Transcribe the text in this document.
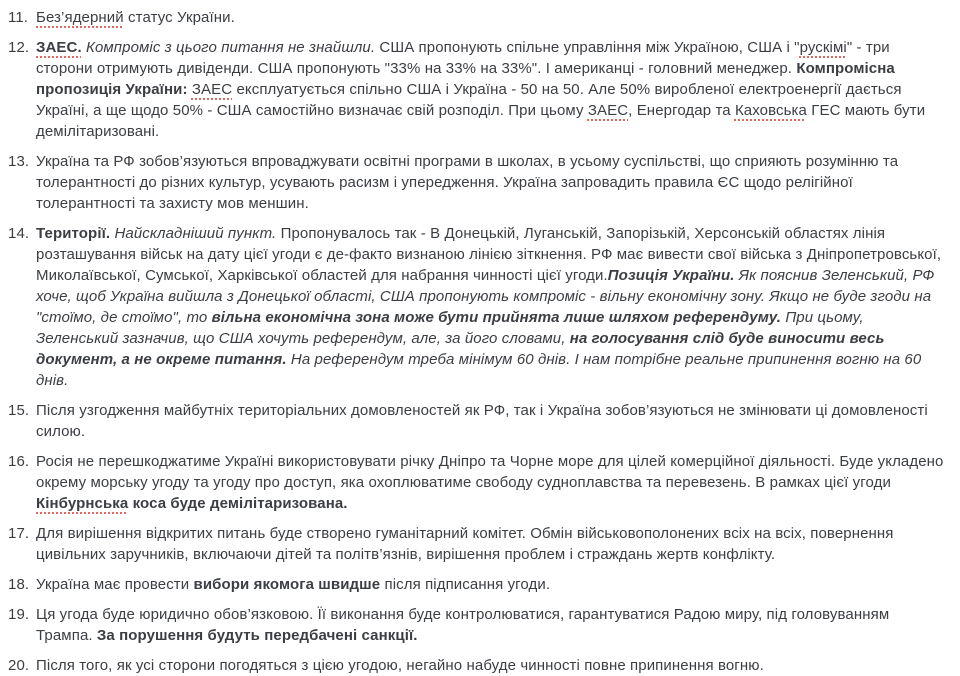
11. Без’ядерний статус України.
12. ЗАЕС. Компроміс з цього питання не знайшли. США пропонують спільне управління між Україною, США і "рускімі" - три сторони отримують дивіденди. США пропонують "33% на 33% на 33%". І американці - головний менеджер. Компромісна пропозиція України: ЗАЕС експлуатується спільно США і Україна - 50 на 50. Але 50% виробленої електроенергії дається Україні, а ще щодо 50% - США самостійно визначає свій розподіл. При цьому ЗАЕС, Енергодар та Каховська ГЕС мають бути демілітаризовані.
13. Україна та РФ зобов’язуються впроваджувати освітні програми в школах, в усьому суспільстві, що сприяють розумінню та толерантності до різних культур, усувають расизм і упередження. Україна запровадить правила ЄС щодо релігійної толерантності та захисту мов меншин.
14. Території. Найскладніший пункт. Пропонувалось так - В Донецькій, Луганській, Запорізькій, Херсонській областях лінія розташування військ на дату цієї угоди є де-факто визнаною лінією зіткнення. РФ має вивести свої війська з Дніпропетровської, Миколаївської, Сумської, Харківської областей для набрання чинності цієї угоди.Позиція України. Як пояснив Зеленський, РФ хоче, щоб Україна вийшла з Донецької області, США пропонують компроміс - вільну економічну зону. Якщо не буде згоди на "стоїмо, де стоїмо", то вільна економічна зона може бути прийнята лише шляхом референдуму. При цьому, Зеленський зазначив, що США хочуть референдум, але, за його словами, на голосування слід буде виносити весь документ, а не окреме питання. На референдум треба мінімум 60 днів. І нам потрібне реальне припинення вогню на 60 днів.
15. Після узгодження майбутніх територіальних домовленостей як РФ, так і Україна зобов’язуються не змінювати ці домовленості силою.
16. Росія не перешкоджатиме Україні використовувати річку Дніпро та Чорне море для цілей комерційної діяльності. Буде укладено окрему морську угоду та угоду про доступ, яка охоплюватиме свободу судноплавства та перевезень. В рамках цієї угоди Кінбурнська коса буде демілітаризована.
17. Для вирішення відкритих питань буде створено гуманітарний комітет. Обмін військовополонених всіх на всіх, повернення цивільних заручників, включаючи дітей та політв’язнів, вирішення проблем і страждань жертв конфлікту.
18. Україна має провести вибори якомога швидше після підписання угоди.
19. Ця угода буде юридично обов’язковою. Її виконання буде контролюватися, гарантуватися Радою миру, під головуванням Трампа. За порушення будуть передбачені санкції.
20. Після того, як усі сторони погодяться з цією угодою, негайно набуде чинності повне припинення вогню.
